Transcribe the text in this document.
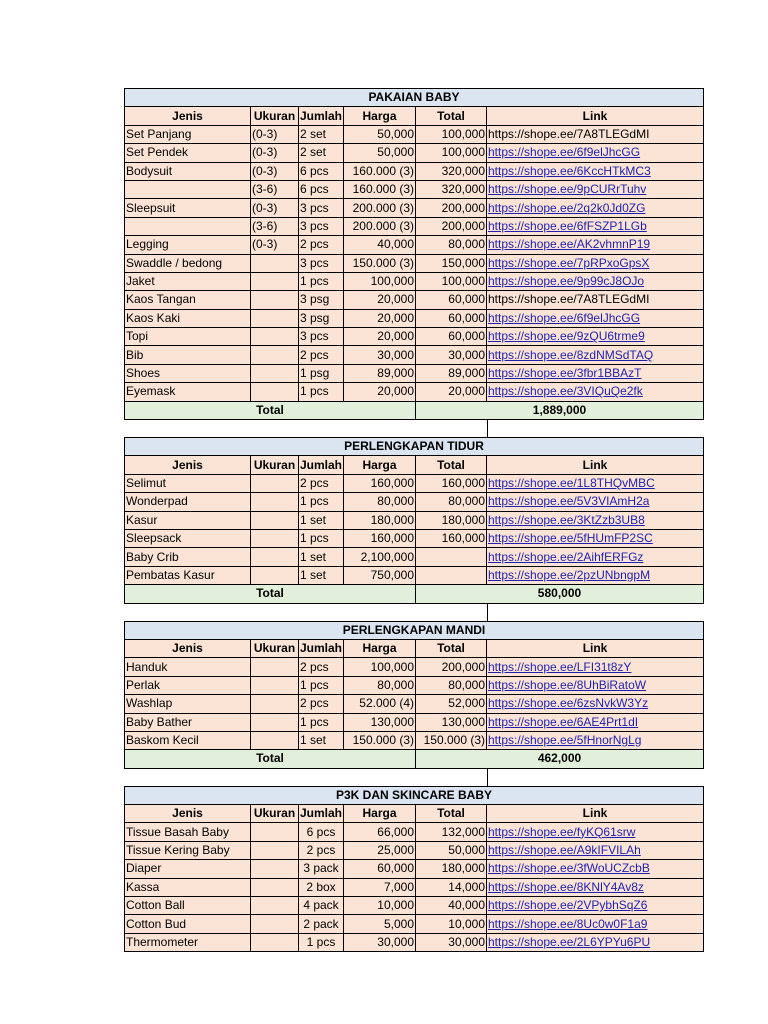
PAKAIAN BABY					
Jenis	Ukuran	Jumlah	Harga	Total	Link
Set Panjang	(0-3)	2 set	50,000	100,000	https://shope.ee/7A8TLEGdMI
Set Pendek	(0-3)	2 set	50,000	100,000	https://shope.ee/6f9elJhcGG
Bodysuit	(0-3)	6 pcs	160.000 (3)	320,000	https://shope.ee/6KccHTkMC3
	(3-6)	6 pcs	160.000 (3)	320,000	https://shope.ee/9pCURrTuhv
Sleepsuit	(0-3)	3 pcs	200.000 (3)	200,000	https://shope.ee/2q2k0Jd0ZG
	(3-6)	3 pcs	200.000 (3)	200,000	https://shope.ee/6fFSZP1LGb
Legging	(0-3)	2 pcs	40,000	80,000	https://shope.ee/AK2vhmnP19
Swaddle / bedong		3 pcs	150.000 (3)	150,000	https://shope.ee/7pRPxoGpsX
Jaket		1 pcs	100,000	100,000	https://shope.ee/9p99cJ8OJo
Kaos Tangan		3 psg	20,000	60,000	https://shope.ee/7A8TLEGdMI
Kaos Kaki		3 psg	20,000	60,000	https://shope.ee/6f9elJhcGG
Topi		3 pcs	20,000	60,000	https://shope.ee/9zQU6trme9
Bib		2 pcs	30,000	30,000	https://shope.ee/8zdNMSdTAQ
Shoes		1 psg	89,000	89,000	https://shope.ee/3fbr1BBAzT
Eyemask		1 pcs	20,000	20,000	https://shope.ee/3VIQuQe2fk
Total				1,889,000	
PERLENGKAPAN TIDUR					
Jenis	Ukuran	Jumlah	Harga	Total	Link
Selimut		2 pcs	160,000	160,000	https://shope.ee/1L8THQvMBC
Wonderpad		1 pcs	80,000	80,000	https://shope.ee/5V3VIAmH2a
Kasur		1 set	180,000	180,000	https://shope.ee/3KtZzb3UB8
Sleepsack		1 pcs	160,000	160,000	https://shope.ee/5fHUmFP2SC
Baby Crib		1 set	2,100,000		https://shope.ee/2AihfERFGz
Pembatas Kasur		1 set	750,000		https://shope.ee/2pzUNbngpM
Total				580,000	
PERLENGKAPAN MANDI					
Jenis	Ukuran	Jumlah	Harga	Total	Link
Handuk		2 pcs	100,000	200,000	https://shope.ee/LFI31t8zY
Perlak		1 pcs	80,000	80,000	https://shope.ee/8UhBiRatoW
Washlap		2 pcs	52.000 (4)	52,000	https://shope.ee/6zsNvkW3Yz
Baby Bather		1 pcs	130,000	130,000	https://shope.ee/6AE4Prt1dI
Baskom Kecil		1 set	150.000 (3)	150.000 (3)	https://shope.ee/5fHnorNgLg
Total				462,000	
P3K DAN SKINCARE BABY					
Jenis	Ukuran	Jumlah	Harga	Total	Link
Tissue Basah Baby		6 pcs	66,000	132,000	https://shope.ee/fyKQ61srw
Tissue Kering Baby		2 pcs	25,000	50,000	https://shope.ee/A9kIFVILAh
Diaper		3 pack	60,000	180,000	https://shope.ee/3fWoUCZcbB
Kassa		2 box	7,000	14,000	https://shope.ee/8KNlY4Av8z
Cotton Ball		4 pack	10,000	40,000	https://shope.ee/2VPybhSqZ6
Cotton Bud		2 pack	5,000	10,000	https://shope.ee/8Uc0w0F1a9
Thermometer		1 pcs	30,000	30,000	https://shope.ee/2L6YPYu6PU
